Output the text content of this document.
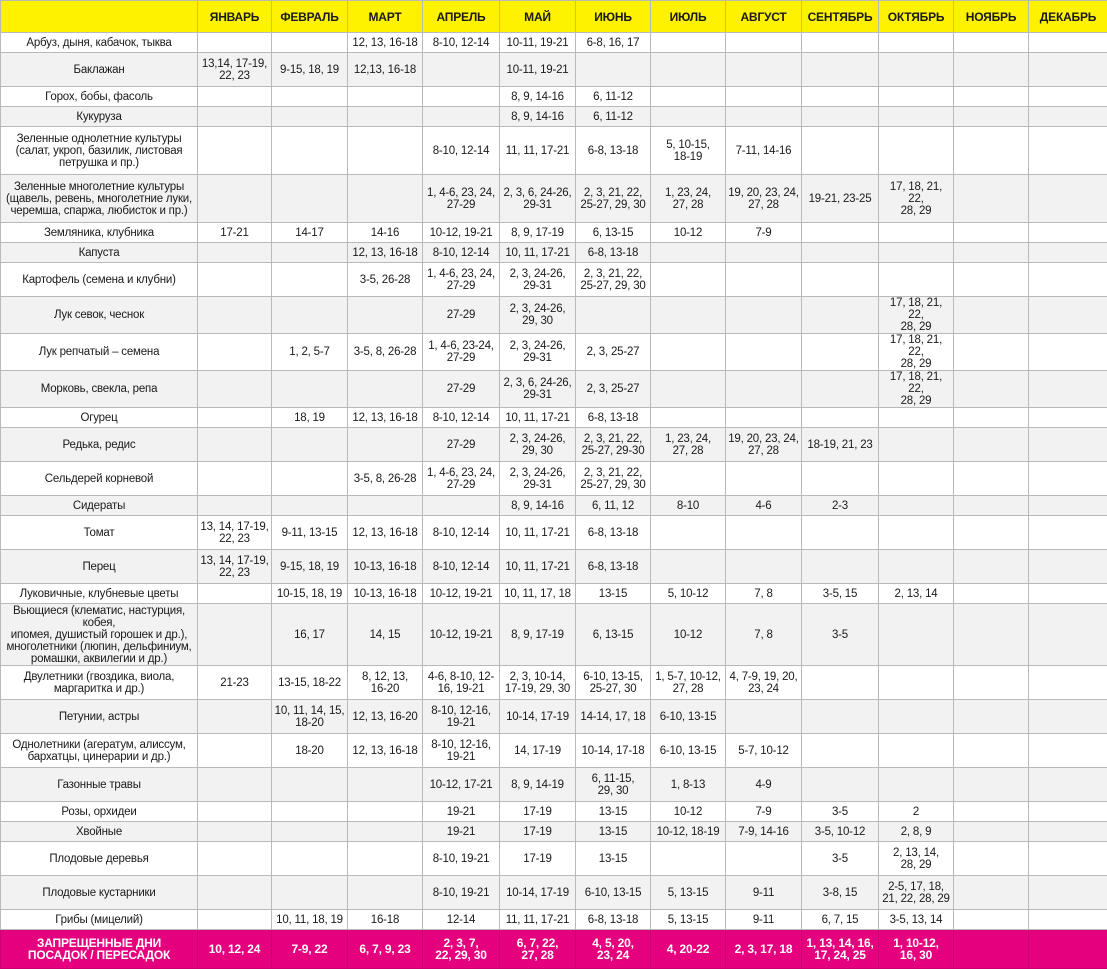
	ЯНВАРЬ	ФЕВРАЛЬ	МАРТ	АПРЕЛЬ	МАЙ	ИЮНЬ	ИЮЛЬ	АВГУСТ	СЕНТЯБРЬ	ОКТЯБРЬ	НОЯБРЬ	ДЕКАБРЬ
Арбуз, дыня, кабачок, тыква			12, 13, 16-18	8-10, 12-14	10-11, 19-21	6-8, 16, 17						
Баклажан	13,14, 17-19,
22, 23	9-15, 18, 19	12,13, 16-18		10-11, 19-21							
Горох, бобы, фасоль					8, 9, 14-16	6, 11-12						
Кукуруза					8, 9, 14-16	6, 11-12						
Зеленные однолетние культуры
(салат, укроп, базилик, листовая
петрушка и пр.)				8-10, 12-14	11, 11, 17-21	6-8, 13-18	5, 10-15,
18-19	7-11, 14-16				
Зеленные многолетние культуры
(щавель, ревень, многолетние луки,
черемша, спаржа, любисток и пр.)				1, 4-6, 23, 24,
27-29	2, 3, 6, 24-26,
29-31	2, 3, 21, 22,
25-27, 29, 30	1, 23, 24,
27, 28	19, 20, 23, 24,
27, 28	19-21, 23-25	17, 18, 21, 22,
28, 29		
Земляника, клубника	17-21	14-17	14-16	10-12, 19-21	8, 9, 17-19	6, 13-15	10-12	7-9				
Капуста			12, 13, 16-18	8-10, 12-14	10, 11, 17-21	6-8, 13-18						
Картофель (семена и клубни)			3-5, 26-28	1, 4-6, 23, 24,
27-29	2, 3, 24-26,
29-31	2, 3, 21, 22,
25-27, 29, 30						
Лук севок, чеснок				27-29	2, 3, 24-26,
29, 30					17, 18, 21, 22,
28, 29		
Лук репчатый – семена		1, 2, 5-7	3-5, 8, 26-28	1, 4-6, 23-24,
27-29	2, 3, 24-26,
29-31	2, 3, 25-27				17, 18, 21, 22,
28, 29		
Морковь, свекла, репа				27-29	2, 3, 6, 24-26,
29-31	2, 3, 25-27				17, 18, 21, 22,
28, 29		
Огурец		18, 19	12, 13, 16-18	8-10, 12-14	10, 11, 17-21	6-8, 13-18						
Редька, редис				27-29	2, 3, 24-26,
29, 30	2, 3, 21, 22,
25-27, 29-30	1, 23, 24,
27, 28	19, 20, 23, 24,
27, 28	18-19, 21, 23			
Сельдерей корневой			3-5, 8, 26-28	1, 4-6, 23, 24,
27-29	2, 3, 24-26,
29-31	2, 3, 21, 22,
25-27, 29, 30						
Сидераты					8, 9, 14-16	6, 11, 12	8-10	4-6	2-3			
Томат	13, 14, 17-19,
22, 23	9-11, 13-15	12, 13, 16-18	8-10, 12-14	10, 11, 17-21	6-8, 13-18						
Перец	13, 14, 17-19,
22, 23	9-15, 18, 19	10-13, 16-18	8-10, 12-14	10, 11, 17-21	6-8, 13-18						
Луковичные, клубневые цветы		10-15, 18, 19	10-13, 16-18	10-12, 19-21	10, 11, 17, 18	13-15	5, 10-12	7, 8	3-5, 15	2, 13, 14		
Вьющиеся (клематис, настурция, кобея,
ипомея, душистый горошек и др.),
многолетники (люпин, дельфиниум,
ромашки, аквилегии и др.)		16, 17	14, 15	10-12, 19-21	8, 9, 17-19	6, 13-15	10-12	7, 8	3-5			
Двулетники (гвоздика, виола,
маргаритка и др.)	21-23	13-15, 18-22	8, 12, 13,
16-20	4-6, 8-10, 12-
16, 19-21	2, 3, 10-14,
17-19, 29, 30	6-10, 13-15,
25-27, 30	1, 5-7, 10-12,
27, 28	4, 7-9, 19, 20,
23, 24				
Петунии, астры		10, 11, 14, 15,
18-20	12, 13, 16-20	8-10, 12-16,
19-21	10-14, 17-19	14-14, 17, 18	6-10, 13-15					
Однолетники (агератум, алиссум,
бархатцы, цинерарии и др.)		18-20	12, 13, 16-18	8-10, 12-16,
19-21	14, 17-19	10-14, 17-18	6-10, 13-15	5-7, 10-12				
Газонные травы				10-12, 17-21	8, 9, 14-19	6, 11-15,
29, 30	1, 8-13	4-9				
Розы, орхидеи				19-21	17-19	13-15	10-12	7-9	3-5	2		
Хвойные				19-21	17-19	13-15	10-12, 18-19	7-9, 14-16	3-5, 10-12	2, 8, 9		
Плодовые деревья				8-10, 19-21	17-19	13-15			3-5	2, 13, 14,
28, 29		
Плодовые кустарники				8-10, 19-21	10-14, 17-19	6-10, 13-15	5, 13-15	9-11	3-8, 15	2-5, 17, 18,
21, 22, 28, 29		
Грибы (мицелий)		10, 11, 18, 19	16-18	12-14	11, 11, 17-21	6-8, 13-18	5, 13-15	9-11	6, 7, 15	3-5, 13, 14		
ЗАПРЕЩЕННЫЕ ДНИ
ПОСАДОК / ПЕРЕСАДОК	10, 12, 24	7-9, 22	6, 7, 9, 23	2, 3, 7,
22, 29, 30	6, 7, 22,
27, 28	4, 5, 20,
23, 24	4, 20-22	2, 3, 17, 18	1, 13, 14, 16,
17, 24, 25	1, 10-12,
16, 30		
